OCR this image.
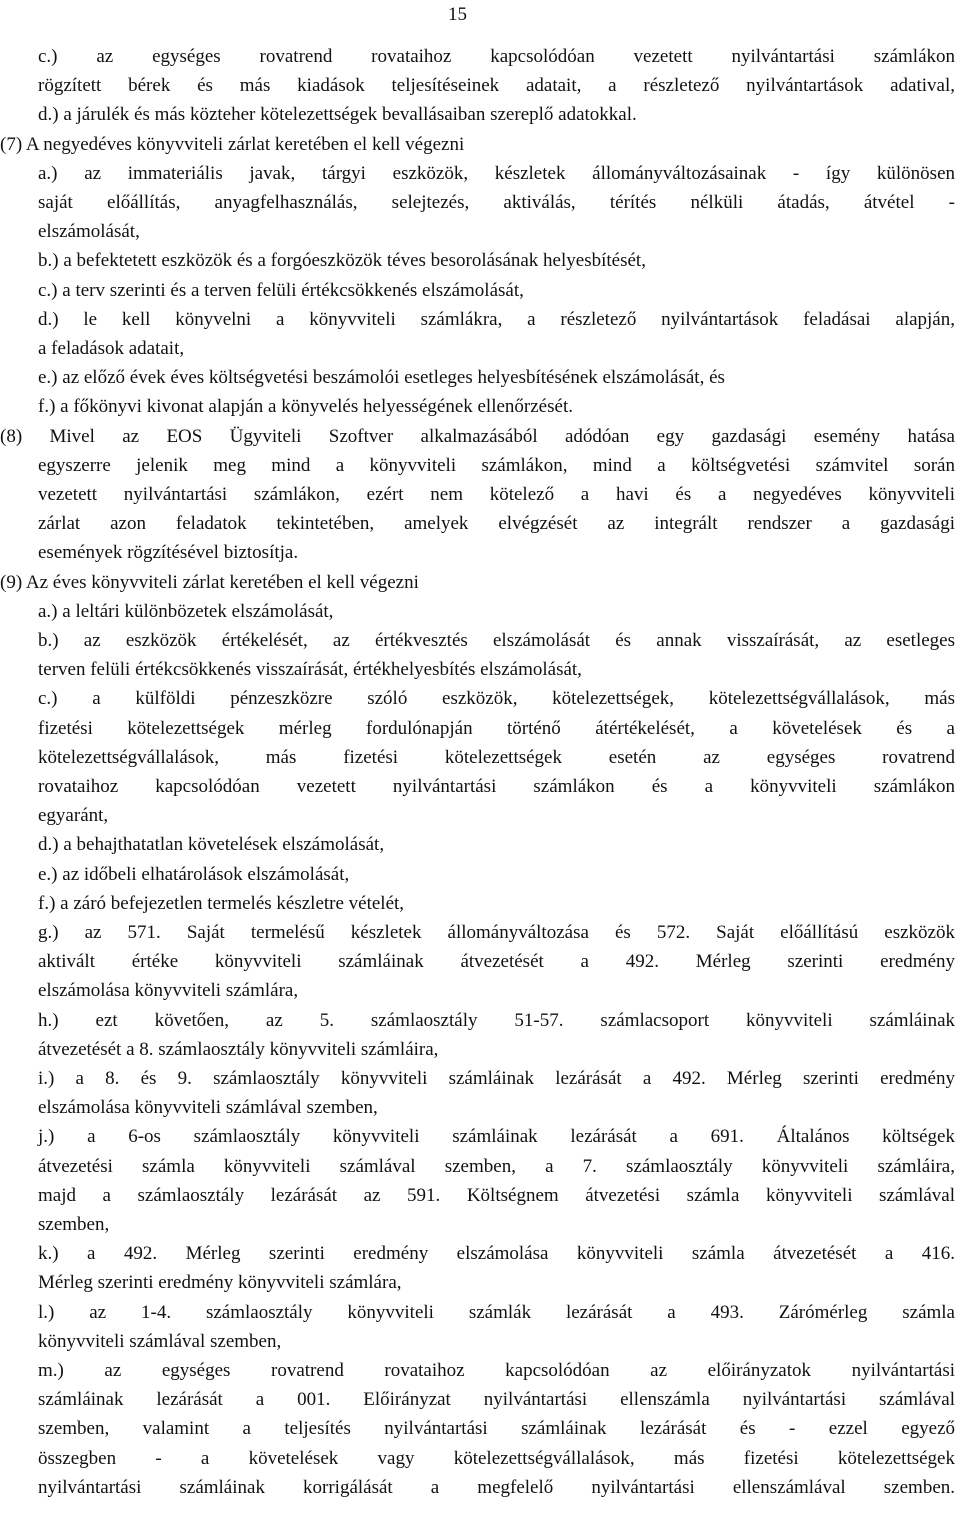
15
c.) az egységes rovatrend rovataihoz kapcsolódóan vezetett nyilvántartási számlákon
rögzített bérek és más kiadások teljesítéseinek adatait, a részletező nyilvántartások adatival,
d.) a járulék és más közteher kötelezettségek bevallásaiban szereplő adatokkal.
(7) A negyedéves könyvviteli zárlat keretében el kell végezni
a.) az immateriális javak, tárgyi eszközök, készletek állományváltozásainak - így különösen
saját előállítás, anyagfelhasználás, selejtezés, aktiválás, térítés nélküli átadás, átvétel -
elszámolását,
b.) a befektetett eszközök és a forgóeszközök téves besorolásának helyesbítését,
c.) a terv szerinti és a terven felüli értékcsökkenés elszámolását,
d.) le kell könyvelni a könyvviteli számlákra, a részletező nyilvántartások feladásai alapján,
a feladások adatait,
e.) az előző évek éves költségvetési beszámolói esetleges helyesbítésének elszámolását, és
f.) a főkönyvi kivonat alapján a könyvelés helyességének ellenőrzését.
(8) Mivel az EOS Ügyviteli Szoftver alkalmazásából adódóan egy gazdasági esemény hatása
egyszerre jelenik meg mind a könyvviteli számlákon, mind a költségvetési számvitel során
vezetett nyilvántartási számlákon, ezért nem kötelező a havi és a negyedéves könyvviteli
zárlat azon feladatok tekintetében, amelyek elvégzését az integrált rendszer a gazdasági
események rögzítésével biztosítja.
(9) Az éves könyvviteli zárlat keretében el kell végezni
a.) a leltári különbözetek elszámolását,
b.) az eszközök értékelését, az értékvesztés elszámolását és annak visszaírását, az esetleges
terven felüli értékcsökkenés visszaírását, értékhelyesbítés elszámolását,
c.) a külföldi pénzeszközre szóló eszközök, kötelezettségek, kötelezettségvállalások, más
fizetési kötelezettségek mérleg fordulónapján történő átértékelését, a követelések és a
kötelezettségvállalások, más fizetési kötelezettségek esetén az egységes rovatrend
rovataihoz kapcsolódóan vezetett nyilvántartási számlákon és a könyvviteli számlákon
egyaránt,
d.) a behajthatatlan követelések elszámolását,
e.) az időbeli elhatárolások elszámolását,
f.) a záró befejezetlen termelés készletre vételét,
g.) az 571. Saját termelésű készletek állományváltozása és 572. Saját előállítású eszközök
aktivált értéke könyvviteli számláinak átvezetését a 492. Mérleg szerinti eredmény
elszámolása könyvviteli számlára,
h.) ezt követően, az 5. számlaosztály 51-57. számlacsoport könyvviteli számláinak
átvezetését a 8. számlaosztály könyvviteli számláira,
i.) a 8. és 9. számlaosztály könyvviteli számláinak lezárását a 492. Mérleg szerinti eredmény
elszámolása könyvviteli számlával szemben,
j.) a 6-os számlaosztály könyvviteli számláinak lezárását a 691. Általános költségek
átvezetési számla könyvviteli számlával szemben, a 7. számlaosztály könyvviteli számláira,
majd a számlaosztály lezárását az 591. Költségnem átvezetési számla könyvviteli számlával
szemben,
k.) a 492. Mérleg szerinti eredmény elszámolása könyvviteli számla átvezetését a 416.
Mérleg szerinti eredmény könyvviteli számlára,
l.) az 1-4. számlaosztály könyvviteli számlák lezárását a 493. Zárómérleg számla
könyvviteli számlával szemben,
m.) az egységes rovatrend rovataihoz kapcsolódóan az előirányzatok nyilvántartási
számláinak lezárását a 001. Előirányzat nyilvántartási ellenszámla nyilvántartási számlával
szemben, valamint a teljesítés nyilvántartási számláinak lezárását és - ezzel egyező
összegben - a követelések vagy kötelezettségvállalások, más fizetési kötelezettségek
nyilvántartási számláinak korrigálását a megfelelő nyilvántartási ellenszámlával szemben.
